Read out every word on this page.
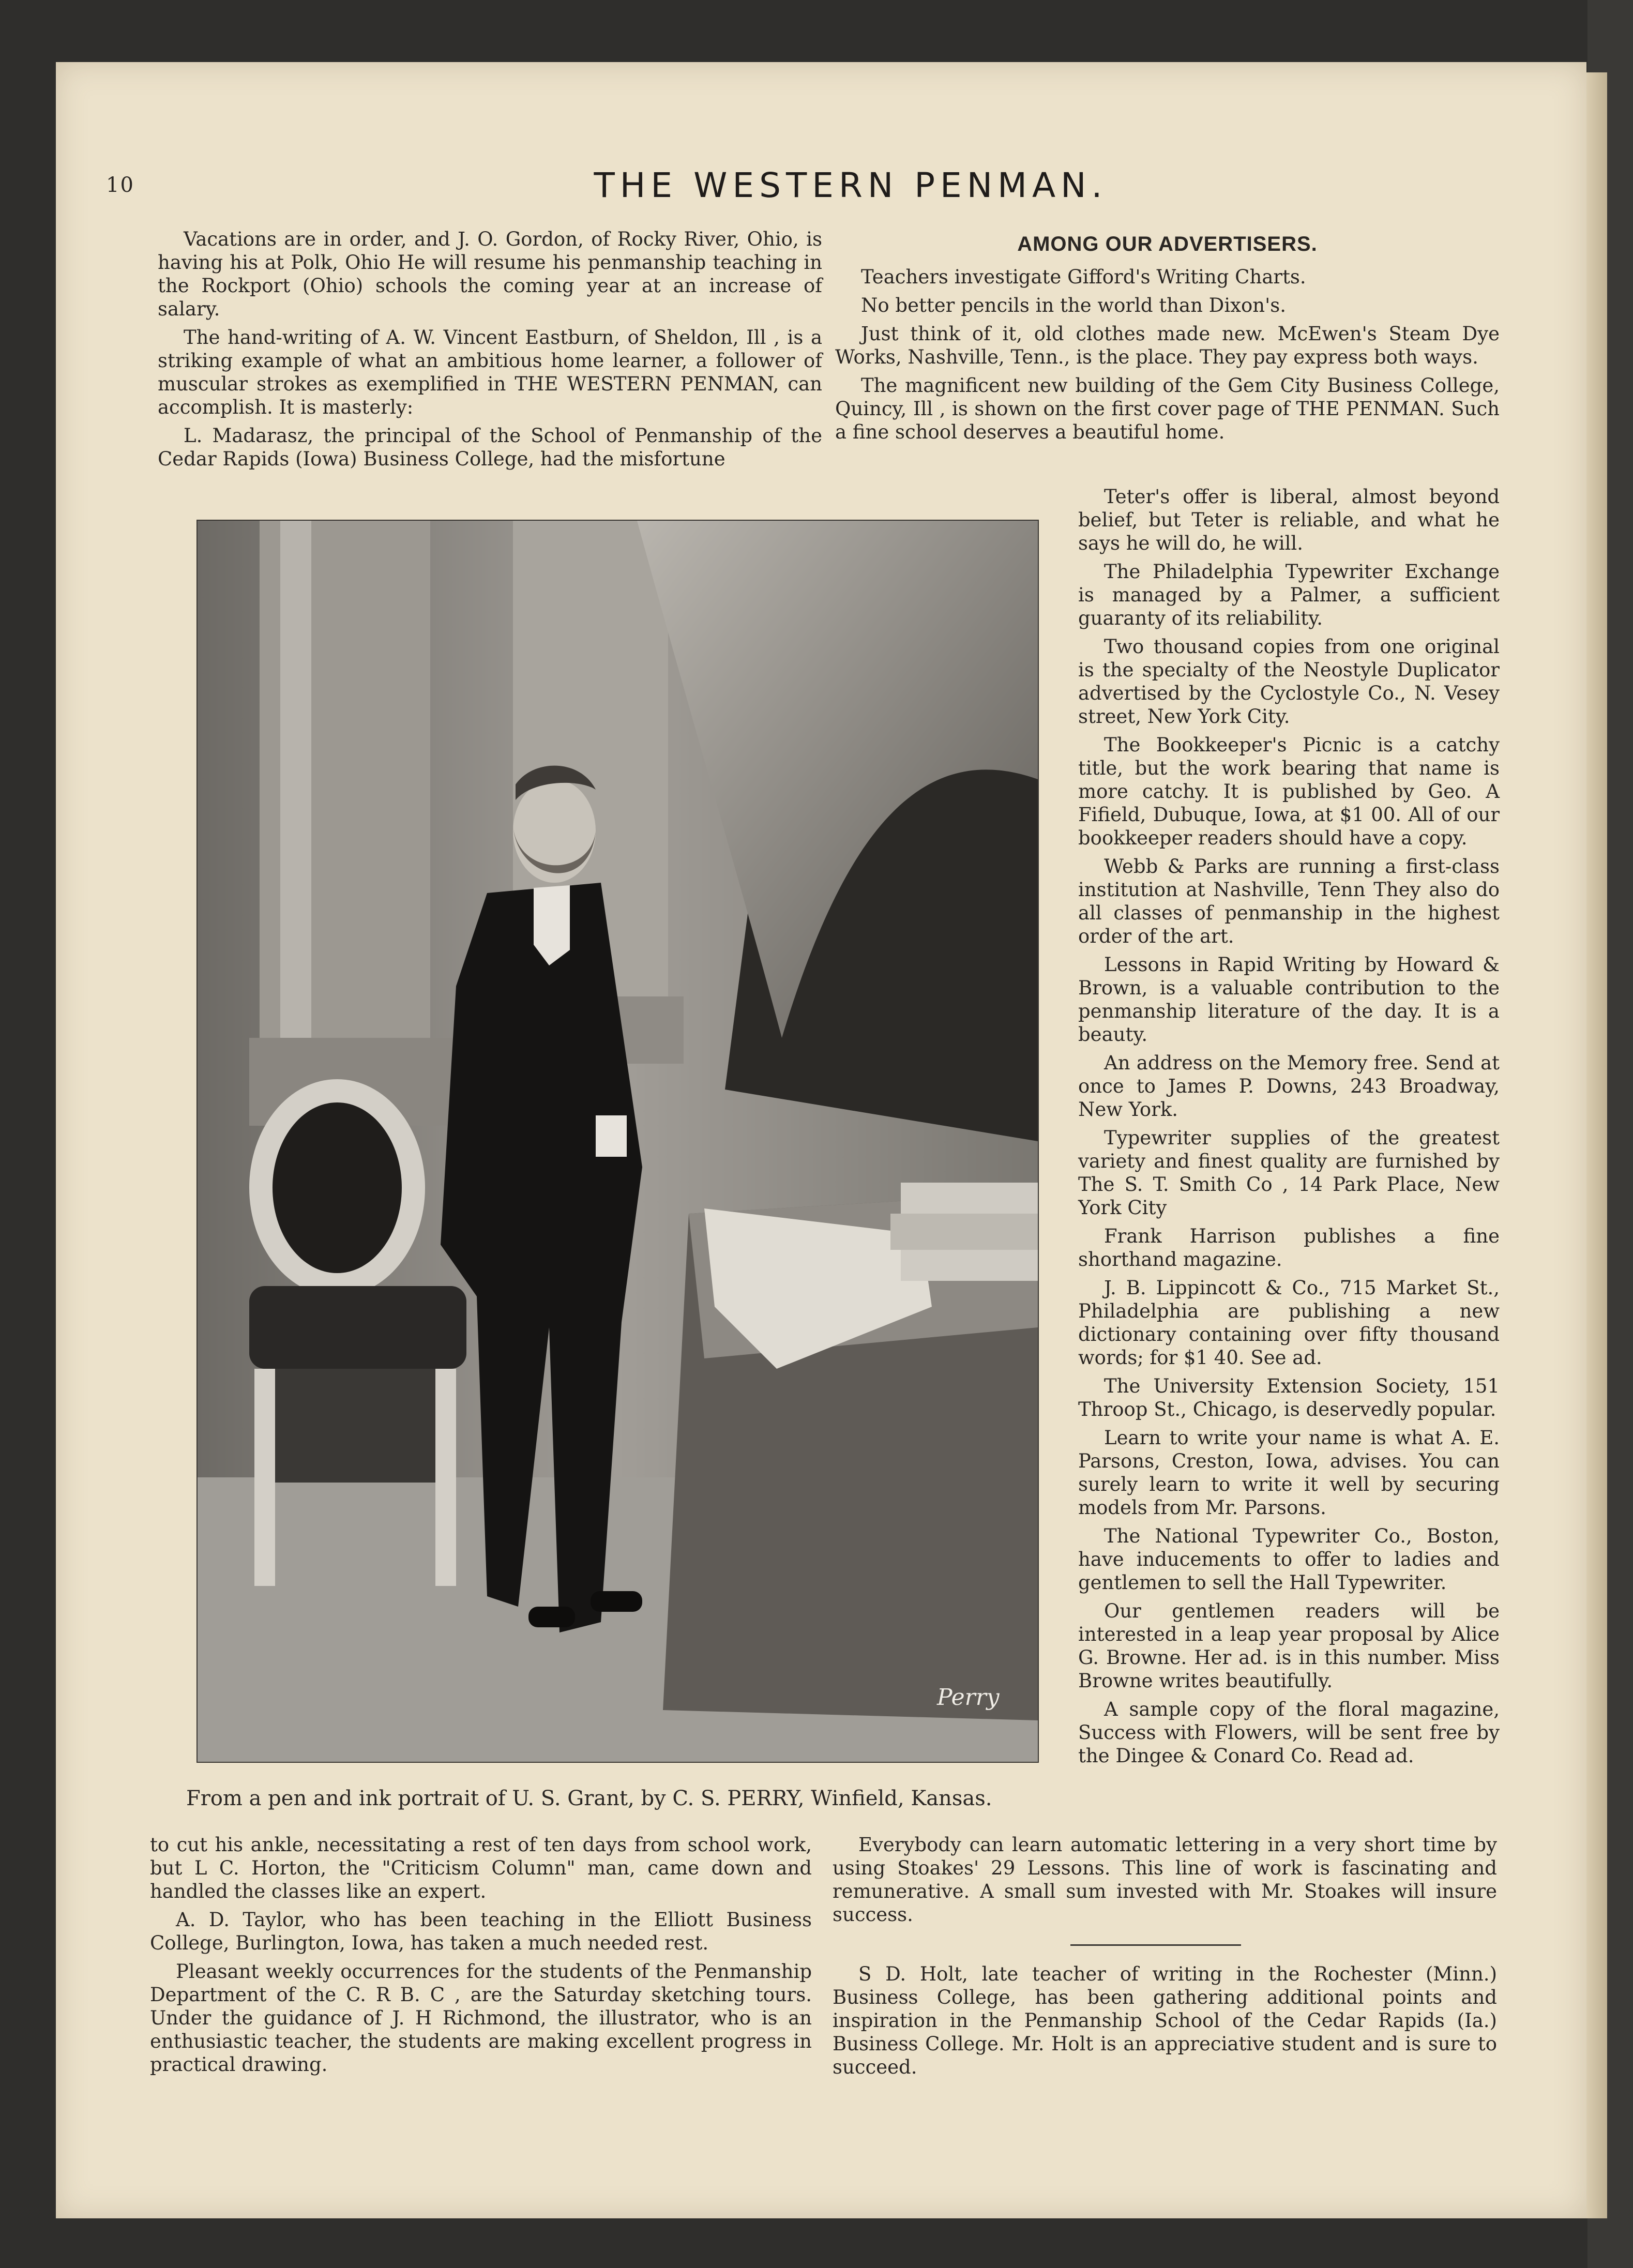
10	THE WESTERN PENMAN.

Vacations are in order, and J. O. Gordon, of Rocky River, Ohio, is having his at Polk, Ohio He will resume his penmanship teaching in the Rockport (Ohio) schools the coming year at an increase of salary.

The hand-writing of A. W. Vincent Eastburn, of Sheldon, Ill , is a striking example of what an ambitious home learner, a follower of muscular strokes as exemplified in THE WESTERN PENMAN, can accomplish. It is masterly:

L. Madarasz, the principal of the School of Penmanship of the Cedar Rapids (Iowa) Business College, had the misfortune

AMONG OUR ADVERTISERS.

Teachers investigate Gifford's Writing Charts.

No better pencils in the world than Dixon's.

Just think of it, old clothes made new. McEwen's Steam Dye Works, Nashville, Tenn., is the place. They pay express both ways.

The magnificent new building of the Gem City Business College, Quincy, Ill , is shown on the first cover page of THE PENMAN. Such a fine school deserves a beautiful home.

Perry

Teter's offer is liberal, almost beyond belief, but Teter is reliable, and what he says he will do, he will.

The Philadelphia Typewriter Exchange is managed by a Palmer, a sufficient guaranty of its reliability.

Two thousand copies from one original is the specialty of the Neostyle Duplicator advertised by the Cyclostyle Co., N. Vesey street, New York City.

The Bookkeeper's Picnic is a catchy title, but the work bearing that name is more catchy. It is published by Geo. A Fifield, Dubuque, Iowa, at $1 00. All of our bookkeeper readers should have a copy.

Webb & Parks are running a first-class institution at Nashville, Tenn They also do all classes of penmanship in the highest order of the art.

Lessons in Rapid Writing by Howard & Brown, is a valuable contribution to the penmanship literature of the day. It is a beauty.

An address on the Memory free. Send at once to James P. Downs, 243 Broadway, New York.

Typewriter supplies of the greatest variety and finest quality are furnished by The S. T. Smith Co , 14 Park Place, New York City

Frank Harrison publishes a fine shorthand magazine.

J. B. Lippincott & Co., 715 Market St., Philadelphia are publishing a new dictionary containing over fifty thousand words; for $1 40. See ad.

The University Extension Society, 151 Throop St., Chicago, is deservedly popular.

Learn to write your name is what A. E. Parsons, Creston, Iowa, advises. You can surely learn to write it well by securing models from Mr. Parsons.

The National Typewriter Co., Boston, have inducements to offer to ladies and gentlemen to sell the Hall Typewriter.

Our gentlemen readers will be interested in a leap year proposal by Alice G. Browne. Her ad. is in this number. Miss Browne writes beautifully.

A sample copy of the floral magazine, Success with Flowers, will be sent free by the Dingee & Conard Co. Read ad.

From a pen and ink portrait of U. S. Grant, by C. S. PERRY, Winfield, Kansas.

to cut his ankle, necessitating a rest of ten days from school work, but L C. Horton, the "Criticism Column" man, came down and handled the classes like an expert.

A. D. Taylor, who has been teaching in the Elliott Business College, Burlington, Iowa, has taken a much needed rest.

Pleasant weekly occurrences for the students of the Penmanship Department of the C. R B. C , are the Saturday sketching tours. Under the guidance of J. H Richmond, the illustrator, who is an enthusiastic teacher, the students are making excellent progress in practical drawing.

Everybody can learn automatic lettering in a very short time by using Stoakes' 29 Lessons. This line of work is fascinating and remunerative. A small sum invested with Mr. Stoakes will insure success.

S D. Holt, late teacher of writing in the Rochester (Minn.) Business College, has been gathering additional points and inspiration in the Penmanship School of the Cedar Rapids (Ia.) Business College. Mr. Holt is an appreciative student and is sure to succeed.
